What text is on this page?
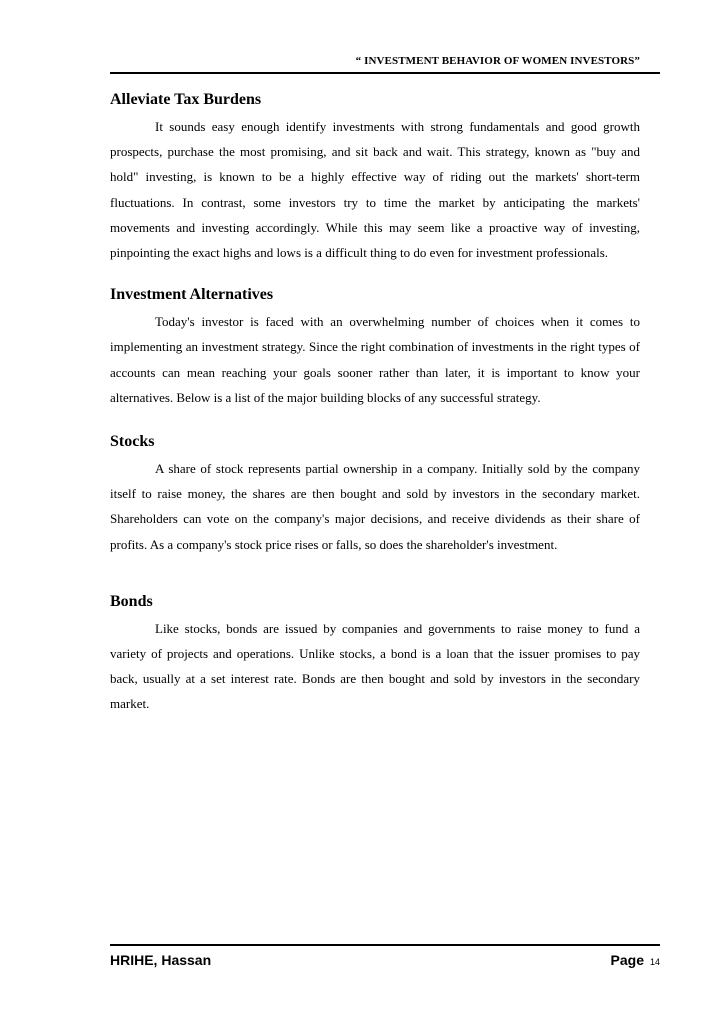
“ INVESTMENT BEHAVIOR OF WOMEN INVESTORS”
Alleviate Tax Burdens

It sounds easy enough identify investments with strong fundamentals and good growth prospects, purchase the most promising, and sit back and wait. This strategy, known as "buy and hold" investing, is known to be a highly effective way of riding out the markets' short-term fluctuations. In contrast, some investors try to time the market by anticipating the markets' movements and investing accordingly. While this may seem like a proactive way of investing, pinpointing the exact highs and lows is a difficult thing to do even for investment professionals.

Investment Alternatives

Today's investor is faced with an overwhelming number of choices when it comes to implementing an investment strategy. Since the right combination of investments in the right types of accounts can mean reaching your goals sooner rather than later, it is important to know your alternatives. Below is a list of the major building blocks of any successful strategy.

Stocks

A share of stock represents partial ownership in a company. Initially sold by the company itself to raise money, the shares are then bought and sold by investors in the secondary market. Shareholders can vote on the company's major decisions, and receive dividends as their share of profits. As a company's stock price rises or falls, so does the shareholder's investment.

Bonds

Like stocks, bonds are issued by companies and governments to raise money to fund a variety of projects and operations. Unlike stocks, a bond is a loan that the issuer promises to pay back, usually at a set interest rate. Bonds are then bought and sold by investors in the secondary market.

HRIHE, Hassan	Page 14
